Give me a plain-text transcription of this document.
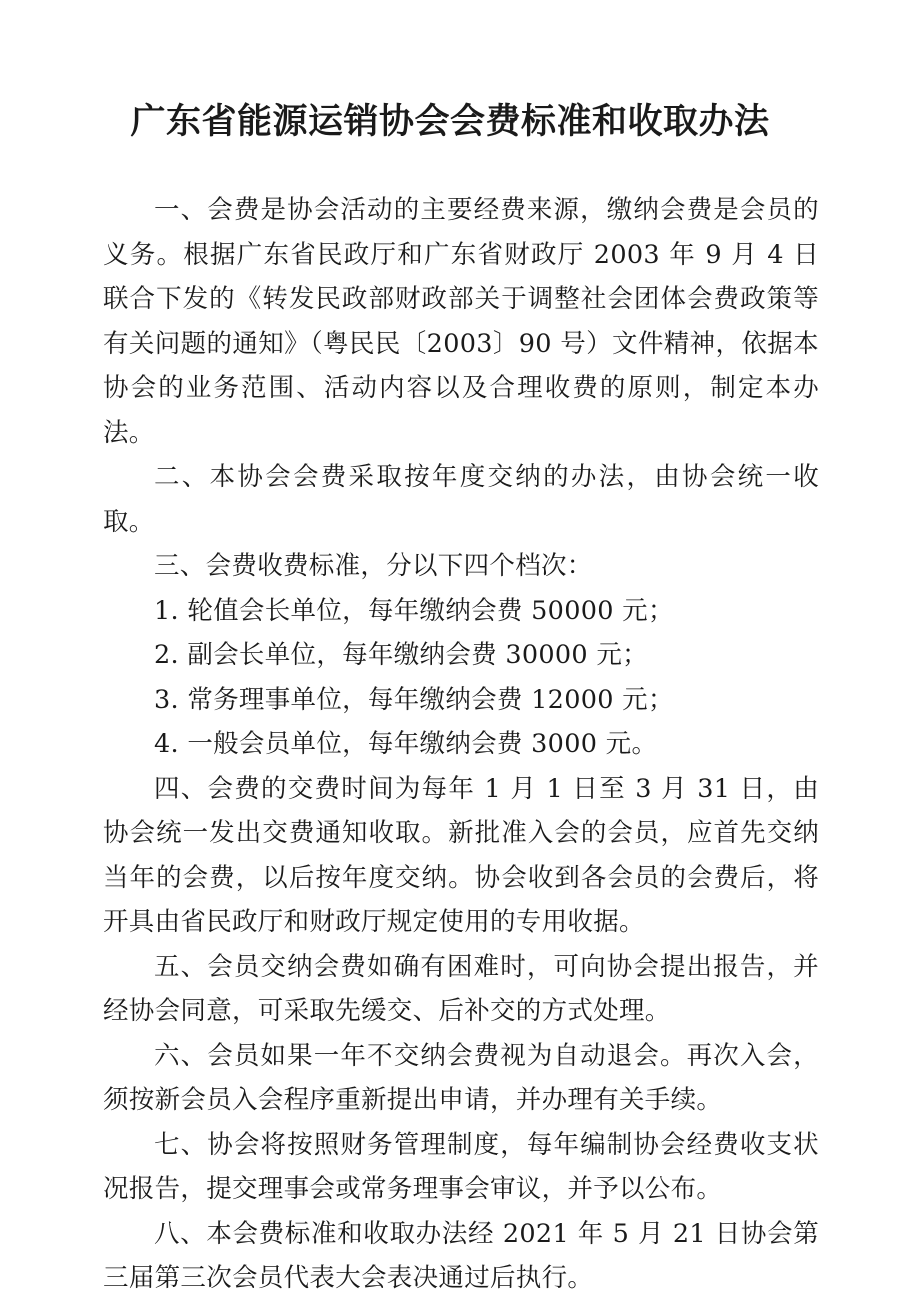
广东省能源运销协会会费标准和收取办法

一、会费是协会活动的主要经费来源，缴纳会费是会员的义务。根据广东省民政厅和广东省财政厅 2003 年 9 月 4 日联合下发的《转发民政部财政部关于调整社会团体会费政策等有关问题的通知》（粤民民〔2003〕90 号）文件精神，依据本协会的业务范围、活动内容以及合理收费的原则，制定本办法。

二、本协会会费采取按年度交纳的办法，由协会统一收取。

三、会费收费标准，分以下四个档次：

1. 轮值会长单位，每年缴纳会费 50000 元；

2. 副会长单位，每年缴纳会费 30000 元；

3. 常务理事单位，每年缴纳会费 12000 元；

4. 一般会员单位，每年缴纳会费 3000 元。

四、会费的交费时间为每年 1 月 1 日至 3 月 31 日，由协会统一发出交费通知收取。新批准入会的会员，应首先交纳当年的会费，以后按年度交纳。协会收到各会员的会费后，将开具由省民政厅和财政厅规定使用的专用收据。

五、会员交纳会费如确有困难时，可向协会提出报告，并经协会同意，可采取先缓交、后补交的方式处理。

六、会员如果一年不交纳会费视为自动退会。再次入会，须按新会员入会程序重新提出申请，并办理有关手续。

七、协会将按照财务管理制度，每年编制协会经费收支状况报告，提交理事会或常务理事会审议，并予以公布。

八、本会费标准和收取办法经 2021 年 5 月 21 日协会第三届第三次会员代表大会表决通过后执行。
